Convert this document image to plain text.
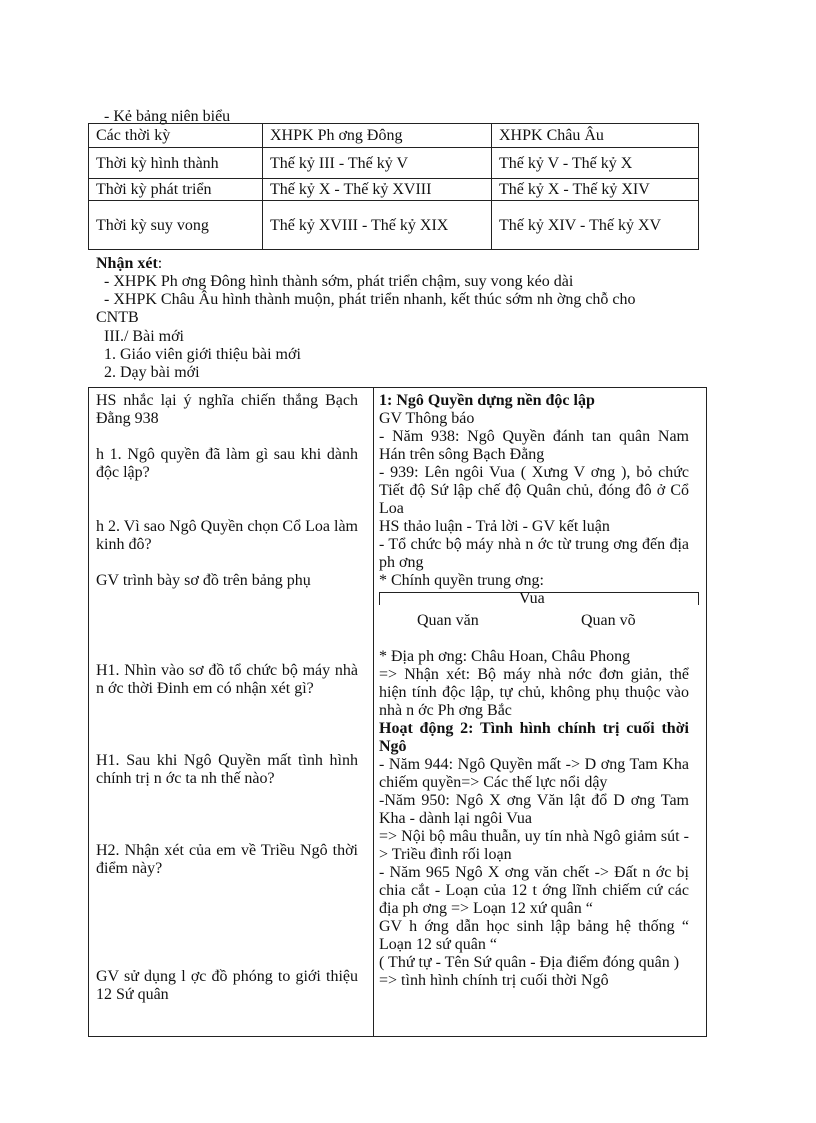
- Kẻ bảng niên biểu
Các thời kỳ	XHPK Ph ơng Đông	XHPK Châu Âu
Thời kỳ hình thành	Thế kỷ III - Thế kỷ V	Thế kỷ V - Thế kỷ X
Thời kỳ phát triển	Thế kỷ X - Thế kỷ XVIII	Thế kỷ X - Thế kỷ XIV
Thời kỳ suy vong	Thế kỷ XVIII - Thế kỷ XIX	Thế kỷ XIV - Thế kỷ XV
Nhận xét:
- XHPK Ph ơng Đông hình thành sớm, phát triển chậm, suy vong kéo dài
- XHPK Châu Âu hình thành muộn, phát triển nhanh, kết thúc sớm nh ờng chỗ cho
CNTB
III./ Bài mới
1. Giáo viên giới thiệu bài mới
2. Dạy bài mới

HS nhắc lại ý nghĩa chiến thắng Bạch Đằng 938

h 1. Ngô quyền đã làm gì sau khi dành độc lập?

h 2. Vì sao Ngô Quyền chọn Cổ Loa làm kinh đô?

GV trình bày sơ đồ trên bảng phụ

H1. Nhìn vào sơ đồ tổ chức bộ máy nhà n ớc thời Đinh em có nhận xét gì?

H1. Sau khi Ngô Quyền mất tình hình chính trị n ớc ta nh thế nào?

H2. Nhận xét của em về Triều Ngô thời điểm này?

GV sử dụng l ợc đồ phóng to giới thiệu 12 Sứ quân

1: Ngô Quyền dựng nền độc lập
GV Thông báo
- Năm 938: Ngô Quyền đánh tan quân Nam Hán trên sông Bạch Đằng
- 939: Lên ngôi Vua ( Xưng V ơng ), bỏ chức Tiết độ Sứ lập chế độ Quân chủ, đóng đô ở Cổ Loa
HS thảo luận - Trả lời - GV kết luận
- Tổ chức bộ máy nhà n ớc từ trung ơng đến địa ph ơng
* Chính quyền trung ơng:
Vua
Quan văn	Quan võ
* Địa ph ơng: Châu Hoan, Châu Phong
=> Nhận xét: Bộ máy nhà nớc đơn giản, thể hiện tính độc lập, tự chủ, không phụ thuộc vào nhà n ớc Ph ơng Bắc
Hoạt động 2: Tình hình chính trị cuối thời Ngô
- Năm 944: Ngô Quyền mất -> D ơng Tam Kha chiếm quyền=> Các thế lực nổi dậy
-Năm 950: Ngô X ơng Văn lật đổ D ơng Tam Kha - dành lại ngôi Vua
=> Nội bộ mâu thuẫn, uy tín nhà Ngô giảm sút -> Triều đình rối loạn
- Năm 965 Ngô X ơng văn chết -> Đất n ớc bị chia cắt - Loạn của 12 t ớng lĩnh chiếm cứ các địa ph ơng => Loạn 12 xứ quân “
GV h ớng dẫn học sinh lập bảng hệ thống “ Loạn 12 sứ quân “
( Thứ tự - Tên Sứ quân - Địa điểm đóng quân )
=> tình hình chính trị cuối thời Ngô
